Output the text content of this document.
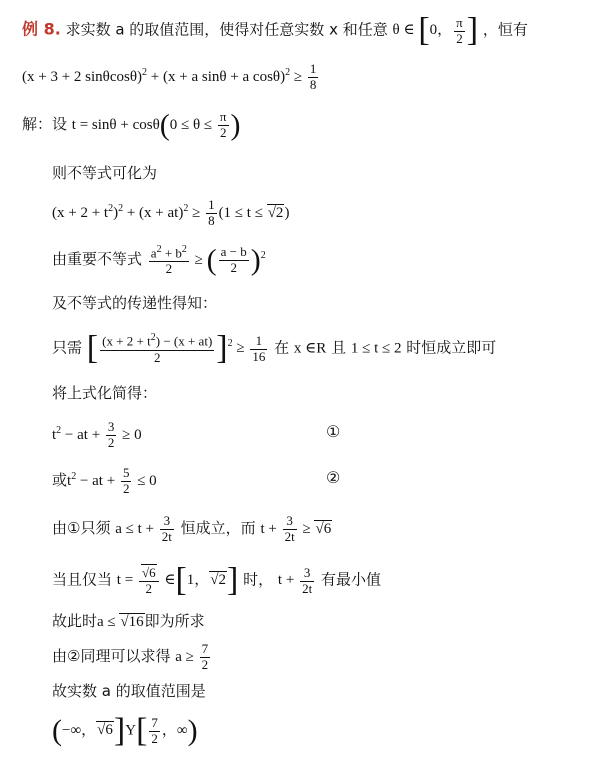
例 8. 求实数 a 的取值范围，使得对任意实数 x 和任意 θ ∈ [0， $\frac{\pi}{2}$ ] ，恒有
(x + 3 + 2 sinθcosθ)$^2$ + (x + a sinθ + a $\cos\theta)^2 \ge \frac{1}{8}$
解：设 $t = \sin\theta + \cos\theta(0 \le \theta \le \frac{\pi}{2}$ )
则不等式可化为
$(x + 2 + t^2)^2 + (x + at)^2 \ge \frac{1}{8} (1 \le t \le √2)$
由重要不等式 $\frac{a^2 + b^2}{2}$ ≥ ( $\frac{a - b}{2} )^2$
及不等式的传递性得知：
只需 [ $\frac{(x + 2 + t^2) - (x + at)}{2} ]^2 \ge \frac{1}{16}$ 在 x ∈R 且 1 ≤ t ≤ 2 时恒成立即可
将上式化简得：
$t^2$ − at + $\frac{3}{2} \ge 0$	①
或$t^2$ − at + $\frac{5}{2} \le 0$	②
由①只须 $a \le t + \frac{3}{2t}$ 恒成立，而 $t + \frac{3}{2t} \ge √6$
当且仅当 $t = \frac{√6}{2}$ ∈[1，√2] 时， $t + \frac{3}{2t}$ 有最小值
故此时a ≤ √16即为所求
由②同理可以求得 $a \ge \frac{7}{2}$
故实数 a 的取值范围是
(−∞，$√6]Y[ \frac{7}{2}$ ，∞)
